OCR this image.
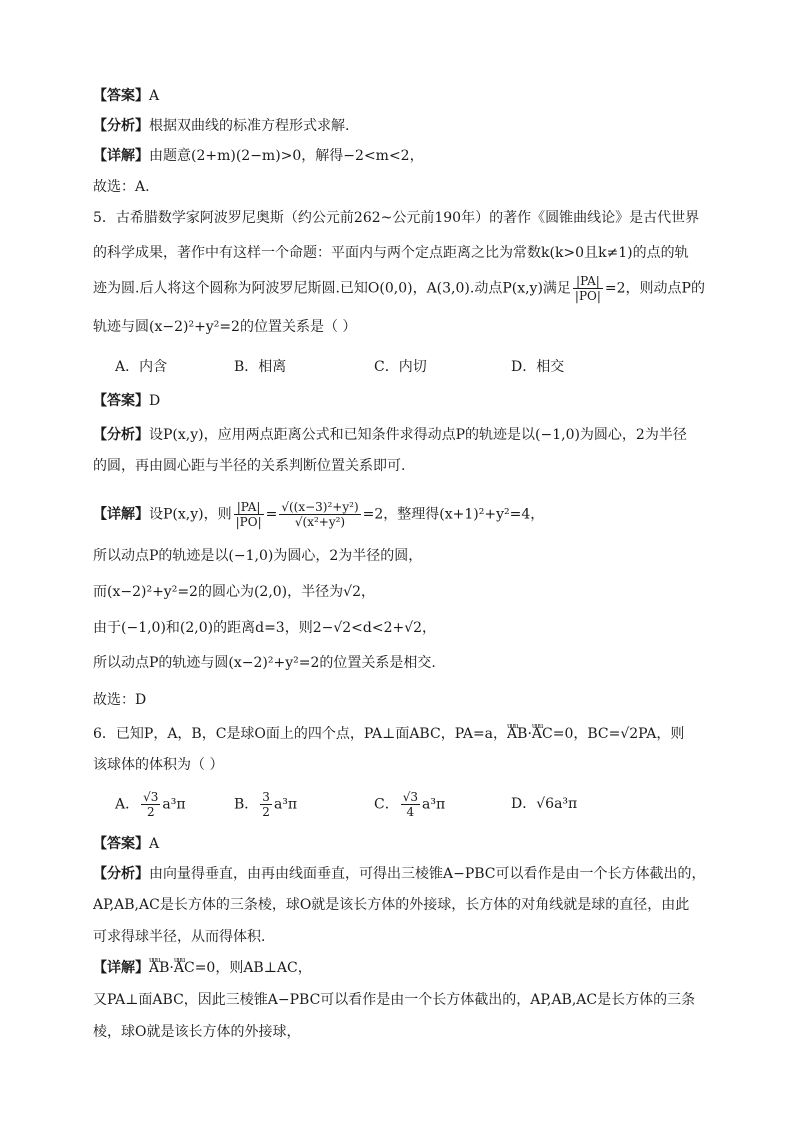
【答案】A
【分析】根据双曲线的标准方程形式求解.
【详解】由题意(2+m)(2−m)>0，解得−2<m<2，
故选：A.
5．古希腊数学家阿波罗尼奥斯（约公元前262~公元前190年）的著作《圆锥曲线论》是古代世界
的科学成果，著作中有这样一个命题：平面内与两个定点距离之比为常数k(k>0且k≠1)的点的轨
迹为圆.后人将这个圆称为阿波罗尼斯圆.已知O(0,0)，A(3,0).动点P(x,y)满足 $\frac{|PA|}{|PO|} =2$，则动点P的
轨迹与圆(x−2)²+y²=2的位置关系是（ ）
A．内含	B．相离	C．内切	D．相交
【答案】D
【分析】设P(x,y)，应用两点距离公式和已知条件求得动点P的轨迹是以(−1,0)为圆心，2为半径
的圆，再由圆心距与半径的关系判断位置关系即可.
【详解】设P(x,y)，则 $\frac{|PA|}{|PO|} = \frac{\text{√((x−3)²+y²)}}{\text{√(x²+y²)}} =2$，整理得(x+1)²+y²=4，
所以动点P的轨迹是以(−1,0)为圆心，2为半径的圆，
而(x−2)²+y²=2的圆心为(2,0)，半径为√2，
由于(−1,0)和(2,0)的距离d=3，则2−√2<d<2+√2，
所以动点P的轨迹与圆(x−2)²+y²=2的位置关系是相交.
故选：D
6．已知P，A，B，C是球O面上的四个点，PA⊥面ABC，PA=a，uuu AB·uuu AC=0，BC=√2PA，则
该球体的体积为（ ）
A． $\frac{√3}{2} a^3\pi$	B． $\frac{3}{2} a^3\pi$	C． $\frac{√3}{4} a^3\pi$	D．√6a³π
【答案】A
【分析】由向量得垂直，由再由线面垂直，可得出三棱锥A−PBC可以看作是由一个长方体截出的，
AP,AB,AC是长方体的三条棱，球O就是该长方体的外接球，长方体的对角线就是球的直径，由此
可求得球半径，从而得体积．
【详解】uuu AB·uuu AC=0，则AB⊥AC，
又PA⊥面ABC，因此三棱锥A−PBC可以看作是由一个长方体截出的，AP,AB,AC是长方体的三条
棱，球O就是该长方体的外接球，
